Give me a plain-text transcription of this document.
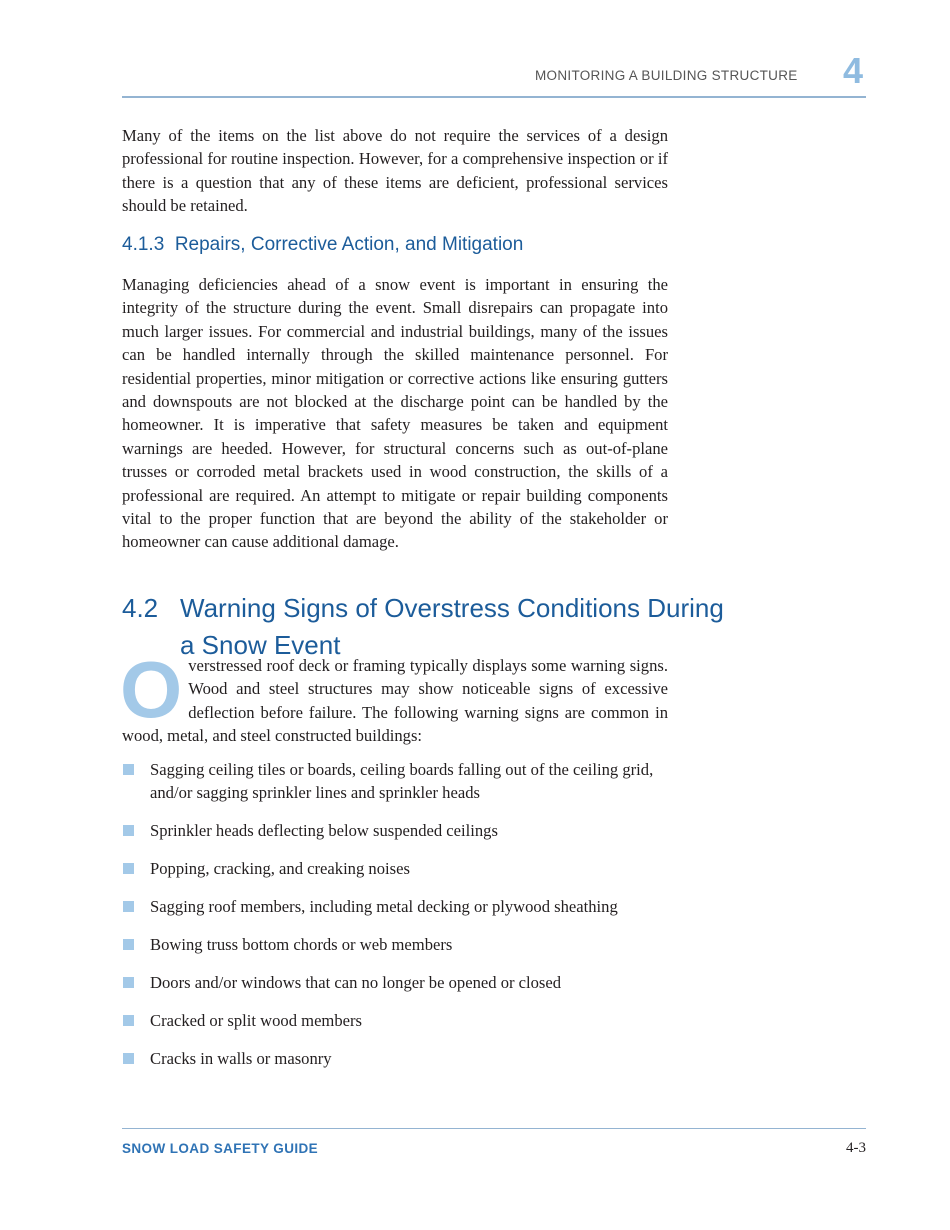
MONITORING A BUILDING STRUCTURE 4
Many of the items on the list above do not require the services of a design professional for routine inspection. However, for a comprehensive inspection or if there is a question that any of these items are deficient, professional services should be retained.
4.1.3  Repairs, Corrective Action, and Mitigation
Managing deficiencies ahead of a snow event is important in ensuring the integrity of the structure during the event. Small disrepairs can propagate into much larger issues. For commercial and industrial buildings, many of the issues can be handled internally through the skilled maintenance personnel. For residential properties, minor mitigation or corrective actions like ensuring gutters and downspouts are not blocked at the discharge point can be handled by the homeowner. It is imperative that safety measures be taken and equipment warnings are heeded. However, for structural concerns such as out-of-plane trusses or corroded metal brackets used in wood construction, the skills of a professional are required. An attempt to mitigate or repair building components vital to the proper function that are beyond the ability of the stakeholder or homeowner can cause additional damage.
4.2 Warning Signs of Overstress Conditions During
a Snow Event
Overstressed roof deck or framing typically displays some warning signs. Wood and steel structures may show noticeable signs of excessive deflection before failure. The following warning signs are common in wood, metal, and steel constructed buildings:
Sagging ceiling tiles or boards, ceiling boards falling out of the ceiling grid, and/or sagging sprinkler lines and sprinkler heads
Sprinkler heads deflecting below suspended ceilings
Popping, cracking, and creaking noises
Sagging roof members, including metal decking or plywood sheathing
Bowing truss bottom chords or web members
Doors and/or windows that can no longer be opened or closed
Cracked or split wood members
Cracks in walls or masonry
SNOW LOAD SAFETY GUIDE	4-3
